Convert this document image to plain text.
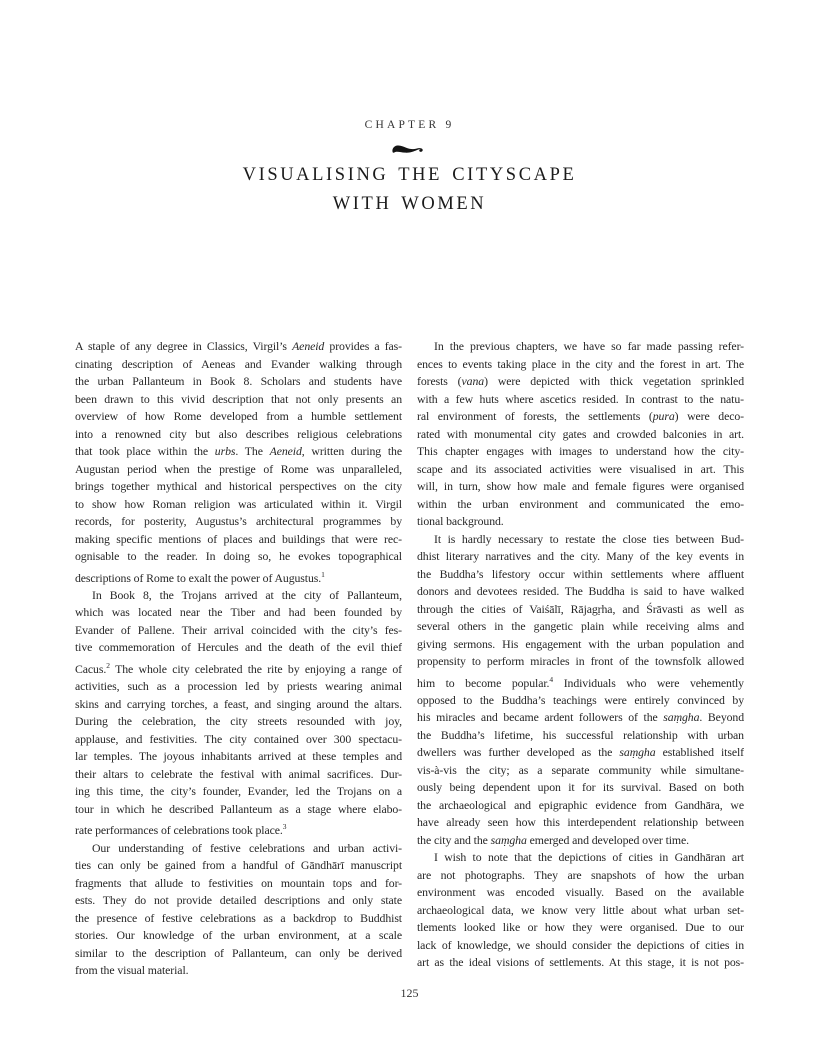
CHAPTER 9
VISUALISING THE CITYSCAPE
WITH WOMEN
A staple of any degree in Classics, Virgil’s Aeneid provides a fas-
cinating description of Aeneas and Evander walking through
the urban Pallanteum in Book 8. Scholars and students have
been drawn to this vivid description that not only presents an
overview of how Rome developed from a humble settlement
into a renowned city but also describes religious celebrations
that took place within the urbs. The Aeneid, written during the
Augustan period when the prestige of Rome was unparalleled,
brings together mythical and historical perspectives on the city
to show how Roman religion was articulated within it. Virgil
records, for posterity, Augustus’s architectural programmes by
making specific mentions of places and buildings that were rec-
ognisable to the reader. In doing so, he evokes topographical
descriptions of Rome to exalt the power of Augustus.$^1$
In Book 8, the Trojans arrived at the city of Pallanteum,
which was located near the Tiber and had been founded by
Evander of Pallene. Their arrival coincided with the city’s fes-
tive commemoration of Hercules and the death of the evil thief
Cacus.$^2$ The whole city celebrated the rite by enjoying a range of
activities, such as a procession led by priests wearing animal
skins and carrying torches, a feast, and singing around the altars.
During the celebration, the city streets resounded with joy,
applause, and festivities. The city contained over 300 spectacu-
lar temples. The joyous inhabitants arrived at these temples and
their altars to celebrate the festival with animal sacrifices. Dur-
ing this time, the city’s founder, Evander, led the Trojans on a
tour in which he described Pallanteum as a stage where elabo-
rate performances of celebrations took place.$^3$
Our understanding of festive celebrations and urban activi-
ties can only be gained from a handful of Gāndhārī manuscript
fragments that allude to festivities on mountain tops and for-
ests. They do not provide detailed descriptions and only state
the presence of festive celebrations as a backdrop to Buddhist
stories. Our knowledge of the urban environment, at a scale
similar to the description of Pallanteum, can only be derived
from the visual material.
In the previous chapters, we have so far made passing refer-
ences to events taking place in the city and the forest in art. The
forests (vana) were depicted with thick vegetation sprinkled
with a few huts where ascetics resided. In contrast to the natu-
ral environment of forests, the settlements (pura) were deco-
rated with monumental city gates and crowded balconies in art.
This chapter engages with images to understand how the city-
scape and its associated activities were visualised in art. This
will, in turn, show how male and female figures were organised
within the urban environment and communicated the emo-
tional background.
It is hardly necessary to restate the close ties between Bud-
dhist literary narratives and the city. Many of the key events in
the Buddha’s lifestory occur within settlements where affluent
donors and devotees resided. The Buddha is said to have walked
through the cities of Vaiśālī, Rājagṛha, and Śrāvasti as well as
several others in the gangetic plain while receiving alms and
giving sermons. His engagement with the urban population and
propensity to perform miracles in front of the townsfolk allowed
him to become popular.$^4$ Individuals who were vehemently
opposed to the Buddha’s teachings were entirely convinced by
his miracles and became ardent followers of the saṃgha. Beyond
the Buddha’s lifetime, his successful relationship with urban
dwellers was further developed as the saṃgha established itself
vis-à-vis the city; as a separate community while simultane-
ously being dependent upon it for its survival. Based on both
the archaeological and epigraphic evidence from Gandhāra, we
have already seen how this interdependent relationship between
the city and the saṃgha emerged and developed over time.
I wish to note that the depictions of cities in Gandhāran art
are not photographs. They are snapshots of how the urban
environment was encoded visually. Based on the available
archaeological data, we know very little about what urban set-
tlements looked like or how they were organised. Due to our
lack of knowledge, we should consider the depictions of cities in
art as the ideal visions of settlements. At this stage, it is not pos-
125
